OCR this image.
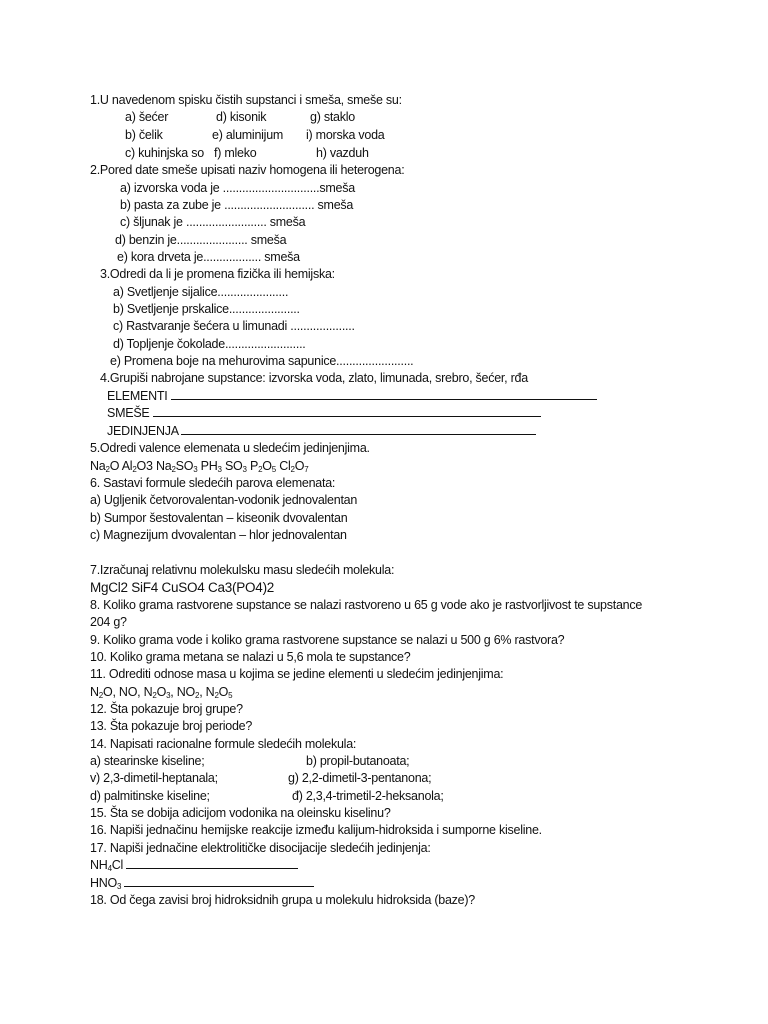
1.U navedenom spisku čistih supstanci i smeša, smeše su:
a) šećer	d) kisonik	g) staklo
b) čelik	e) aluminijum i) morska voda
c) kuhinjska so f) mleko	h) vazduh
2.Pored date smeše upisati naziv homogena ili heterogena:
a) izvorska voda je ..............................smeša
b) pasta za zube je ............................ smeša
c) šljunak je ......................... smeša
d) benzin je...................... smeša
e) kora drveta je.................. smeša
3.Odredi da li je promena fizička ili hemijska:
a) Svetljenje sijalice......................
b) Svetljenje prskalice......................
c) Rastvaranje šećera u limunadi ....................
d) Topljenje čokolade.........................
e) Promena boje na mehurovima sapunice........................
4.Grupiši nabrojane supstance: izvorska voda, zlato, limunada, srebro, šećer, rđa
ELEMENTI
SMEŠE
JEDINJENJA
5.Odredi valence elemenata u sledećim jedinjenjima.
$Na_2O$ $Al_2O3$ $Na_2SO_3$ $PH_3$ $SO_3$ $P_2O_5$ $Cl_2O_7$
6. Sastavi formule sledećih parova elemenata:
a) Ugljenik četvorovalentan-vodonik jednovalentan
b) Sumpor šestovalentan – kiseonik dvovalentan
c) Magnezijum dvovalentan – hlor jednovalentan
7.Izračunaj relativnu molekulsku masu sledećih molekula:
MgCl2 SiF4 CuSO4 Ca3(PO4)2
8. Koliko grama rastvorene supstance se nalazi rastvoreno u 65 g vode ako je rastvorljivost te supstance
204 g?
9. Koliko grama vode i koliko grama rastvorene supstance se nalazi u 500 g 6% rastvora?
10. Koliko grama metana se nalazi u 5,6 mola te supstance?
11. Odrediti odnose masa u kojima se jedine elementi u sledećim jedinjenjima:
$N_2O$, NO, $N_2O_3$, $NO_2$, $N_2O_5$
12. Šta pokazuje broj grupe?
13. Šta pokazuje broj periode?
14. Napisati racionalne formule sledećih molekula:
a) stearinske kiseline;	b) propil-butanoata;
v) 2,3-dimetil-heptanala;	g) 2,2-dimetil-3-pentanona;
d) palmitinske kiseline;	đ) 2,3,4-trimetil-2-heksanola;
15. Šta se dobija adicijom vodonika na oleinsku kiselinu?
16. Napiši jednačinu hemijske reakcije između kalijum-hidroksida i sumporne kiseline.
17. Napiši jednačine elektrolitičke disocijacije sledećih jedinjenja:
$NH_4Cl$
$HNO_3$
18. Od čega zavisi broj hidroksidnih grupa u molekulu hidroksida (baze)?
